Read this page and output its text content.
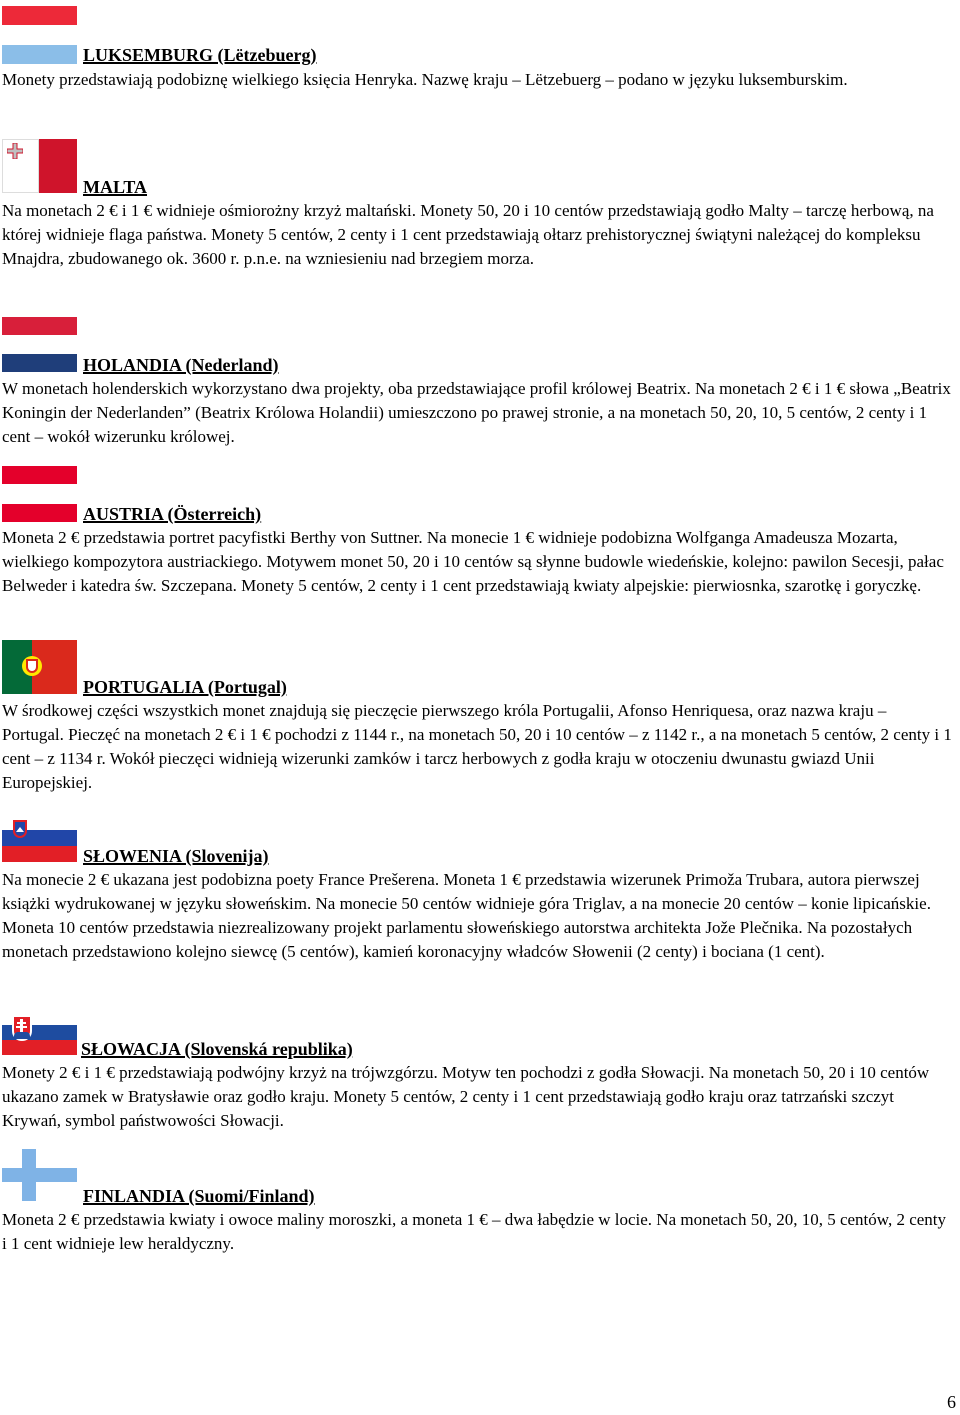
LUKSEMBURG (Lëtzebuerg)

Monety przedstawiają podobiznę wielkiego księcia Henryka. Nazwę kraju – Lëtzebuerg – podano w języku luksemburskim.

MALTA

Na monetach 2 € i 1 € widnieje ośmiorożny krzyż maltański. Monety 50, 20 i 10 centów przedstawiają godło Malty – tarczę herbową, na której widnieje flaga państwa. Monety 5 centów, 2 centy i 1 cent przedstawiają ołtarz prehistorycznej świątyni należącej do kompleksu Mnajdra, zbudowanego ok. 3600 r. p.n.e. na wzniesieniu nad brzegiem morza.

HOLANDIA (Nederland)

W monetach holenderskich wykorzystano dwa projekty, oba przedstawiające profil królowej Beatrix. Na monetach 2 € i 1 € słowa „Beatrix Koningin der Nederlanden” (Beatrix Królowa Holandii) umieszczono po prawej stronie, a na monetach 50, 20, 10, 5 centów, 2 centy i 1 cent – wokół wizerunku królowej.

AUSTRIA (Österreich)

Moneta 2 € przedstawia portret pacyfistki Berthy von Suttner. Na monecie 1 € widnieje podobizna Wolfganga Amadeusza Mozarta, wielkiego kompozytora austriackiego. Motywem monet 50, 20 i 10 centów są słynne budowle wiedeńskie, kolejno: pawilon Secesji, pałac Belweder i katedra św. Szczepana. Monety 5 centów, 2 centy i 1 cent przedstawiają kwiaty alpejskie: pierwiosnka, szarotkę i goryczkę.

PORTUGALIA (Portugal)

W środkowej części wszystkich monet znajdują się pieczęcie pierwszego króla Portugalii, Afonso Henriquesa, oraz nazwa kraju – Portugal. Pieczęć na monetach 2 € i 1 € pochodzi z 1144 r., na monetach 50, 20 i 10 centów – z 1142 r., a na monetach 5 centów, 2 centy i 1 cent – z 1134 r. Wokół pieczęci widnieją wizerunki zamków i tarcz herbowych z godła kraju w otoczeniu dwunastu gwiazd Unii Europejskiej.

SŁOWENIA (Slovenija)

Na monecie 2 € ukazana jest podobizna poety France Prešerena. Moneta 1 € przedstawia wizerunek Primoža Trubara, autora pierwszej książki wydrukowanej w języku słoweńskim. Na monecie 50 centów widnieje góra Triglav, a na monecie 20 centów – konie lipicańskie. Moneta 10 centów przedstawia niezrealizowany projekt parlamentu słoweńskiego autorstwa architekta Jože Plečnika. Na pozostałych monetach przedstawiono kolejno siewcę (5 centów), kamień koronacyjny władców Słowenii (2 centy) i bociana (1 cent).

SŁOWACJA (Slovenská republika)

Monety 2 € i 1 € przedstawiają podwójny krzyż na trójwzgórzu. Motyw ten pochodzi z godła Słowacji. Na monetach 50, 20 i 10 centów ukazano zamek w Bratysławie oraz godło kraju. Monety 5 centów, 2 centy i 1 cent przedstawiają godło kraju oraz tatrzański szczyt Krywań, symbol państwowości Słowacji.

FINLANDIA (Suomi/Finland)

Moneta 2 € przedstawia kwiaty i owoce maliny moroszki, a moneta 1 € – dwa łabędzie w locie. Na monetach 50, 20, 10, 5 centów, 2 centy i 1 cent widnieje lew heraldyczny.

6
